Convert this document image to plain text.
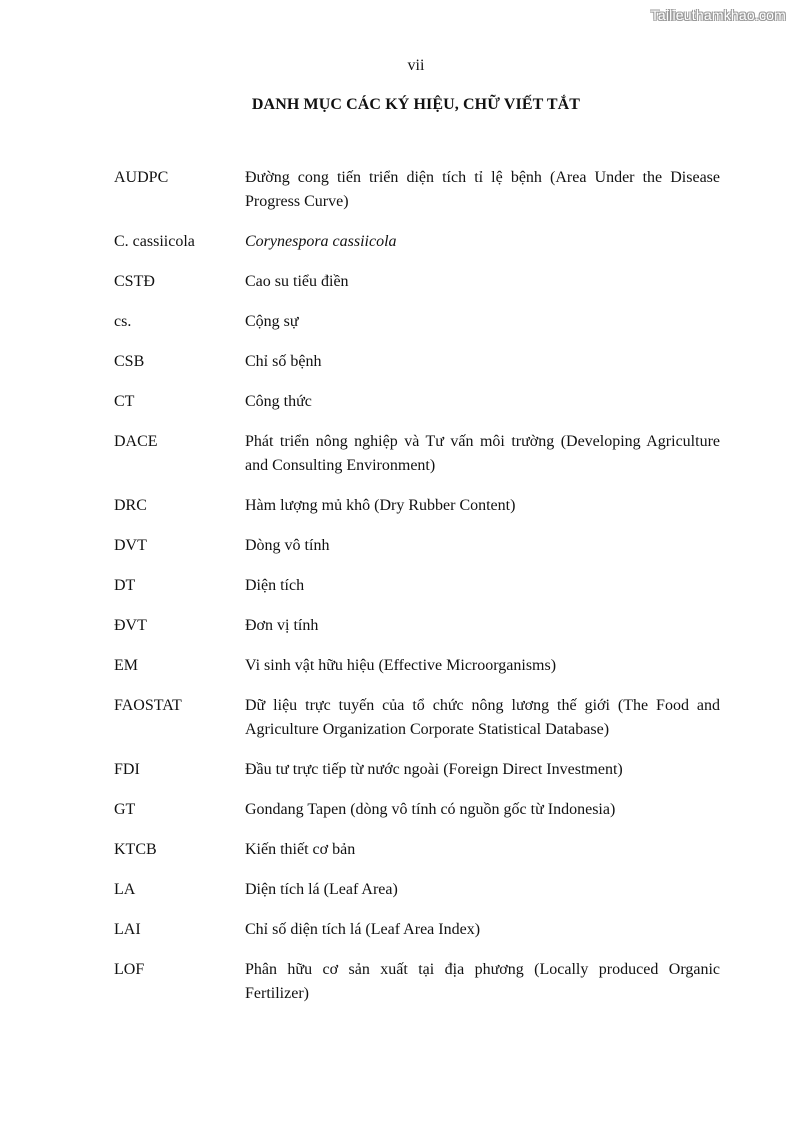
Tailieuthamkhao.com
vii
DANH MỤC CÁC KÝ HIỆU, CHỮ VIẾT TẮT
AUDPC	Đường cong tiến triển diện tích tỉ lệ bệnh (Area Under the Disease Progress Curve)
C. cassiicola	Corynespora cassiicola
CSTĐ	Cao su tiểu điền
cs.	Cộng sự
CSB	Chỉ số bệnh
CT	Công thức
DACE	Phát triển nông nghiệp và Tư vấn môi trường (Developing Agriculture and Consulting Environment)
DRC	Hàm lượng mủ khô (Dry Rubber Content)
DVT	Dòng vô tính
DT	Diện tích
ĐVT	Đơn vị tính
EM	Vi sinh vật hữu hiệu (Effective Microorganisms)
FAOSTAT	Dữ liệu trực tuyến của tổ chức nông lương thế giới (The Food and Agriculture Organization Corporate Statistical Database)
FDI	Đầu tư trực tiếp từ nước ngoài (Foreign Direct Investment)
GT	Gondang Tapen (dòng vô tính có nguồn gốc từ Indonesia)
KTCB	Kiến thiết cơ bản
LA	Diện tích lá (Leaf Area)
LAI	Chỉ số diện tích lá (Leaf Area Index)
LOF	Phân hữu cơ sản xuất tại địa phương (Locally produced Organic Fertilizer)
